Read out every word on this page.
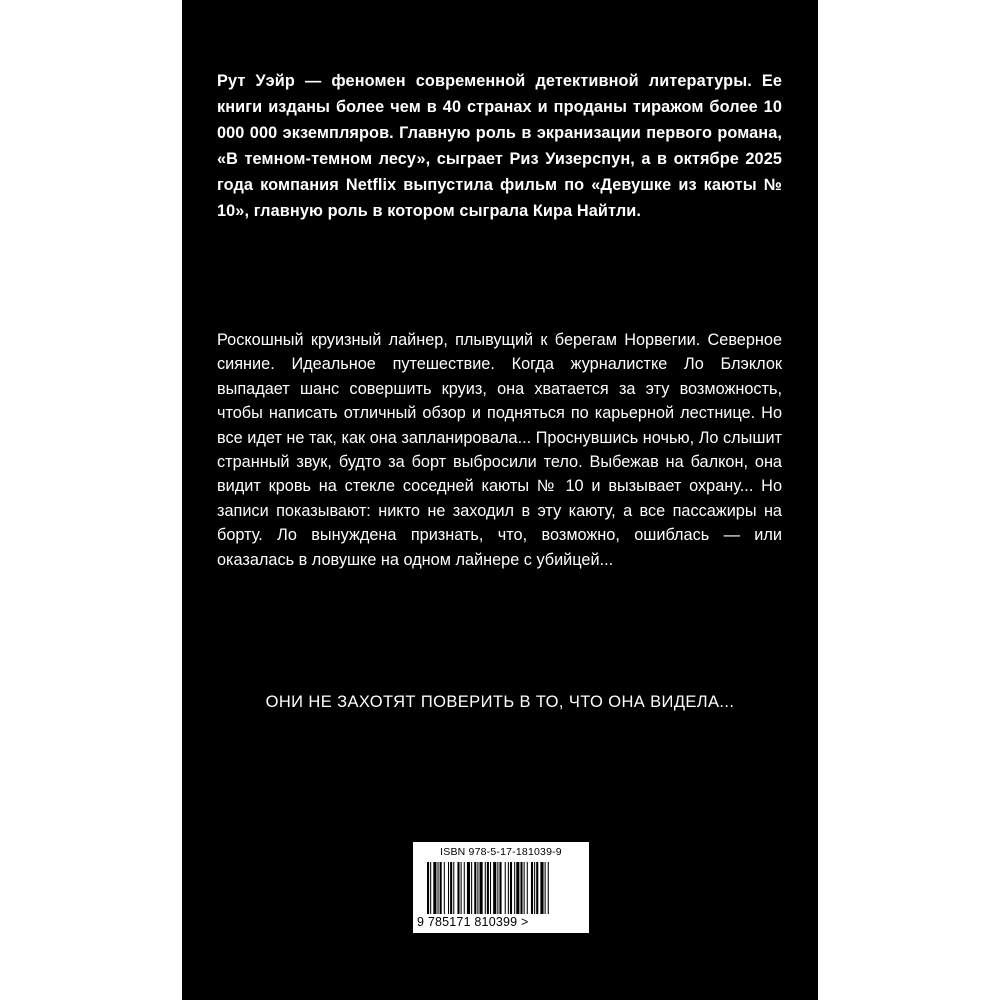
Рут Уэйр — феномен современной детективной литературы. Ее книги изданы более чем в 40 странах и проданы тиражом более 10 000 000 экземпляров. Главную роль в экранизации первого романа, «В темном-темном лесу», сыграет Риз Уизерспун, а в октябре 2025 года компания Netflix выпустила фильм по «Девушке из каюты № 10», главную роль в котором сыграла Кира Найтли.

Роскошный круизный лайнер, плывущий к берегам Норвегии. Северное сияние. Идеальное путешествие. Когда журналистке Ло Блэклок выпадает шанс совершить круиз, она хватается за эту возможность, чтобы написать отличный обзор и подняться по карьерной лестнице. Но все идет не так, как она запланировала... Проснувшись ночью, Ло слышит странный звук, будто за борт выбросили тело. Выбежав на балкон, она видит кровь на стекле соседней каюты № 10 и вызывает охрану... Но записи показывают: никто не заходил в эту каюту, а все пассажиры на борту. Ло вынуждена признать, что, возможно, ошиблась — или оказалась в ловушке на одном лайнере с убийцей...

ОНИ НЕ ЗАХОТЯТ ПОВЕРИТЬ В ТО, ЧТО ОНА ВИДЕЛА...
ISBN 978-5-17-181039-9
9 785171 810399 >
